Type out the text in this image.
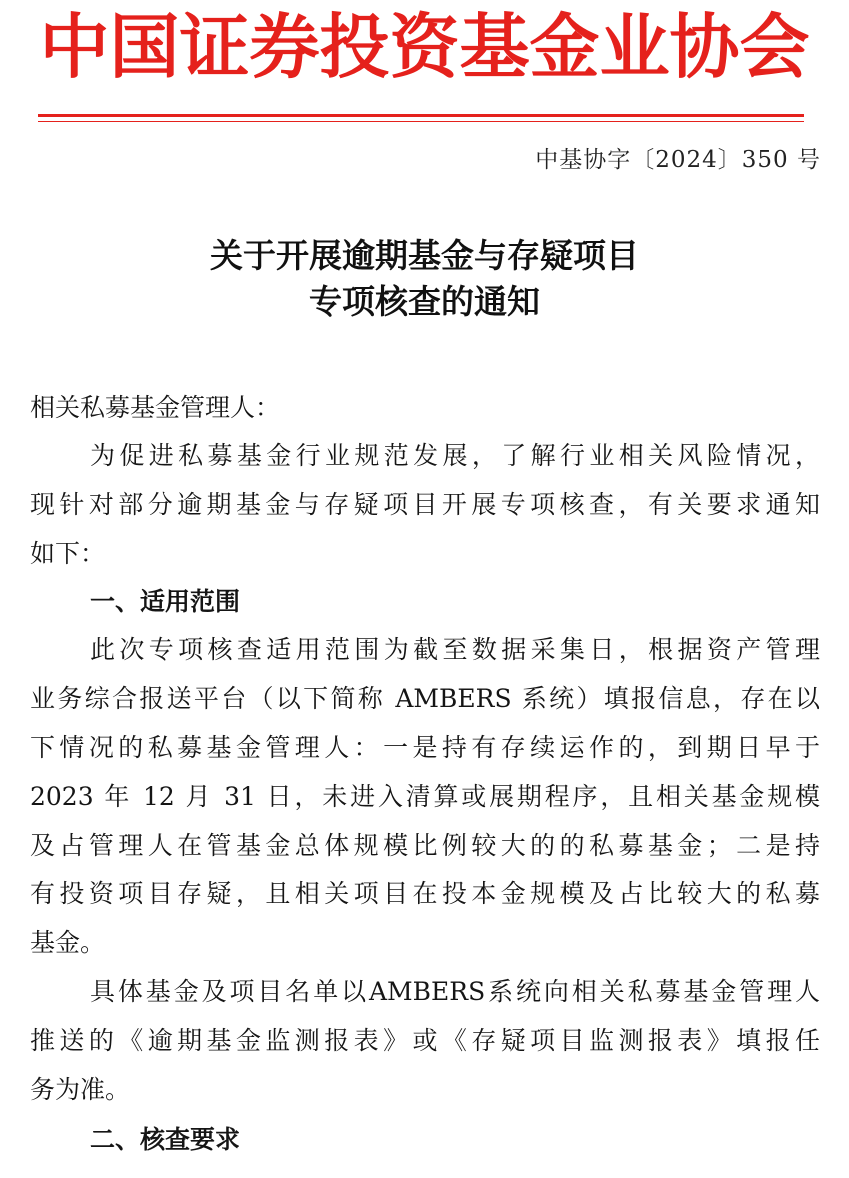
中国证券投资基金业协会
中基协字〔2024〕350 号
关于开展逾期基金与存疑项目
专项核查的通知
相关私募基金管理人：
为促进私募基金行业规范发展，了解行业相关风险情况，
现针对部分逾期基金与存疑项目开展专项核查，有关要求通知
如下：
一、适用范围
此次专项核查适用范围为截至数据采集日，根据资产管理
业务综合报送平台（以下简称 AMBERS 系统）填报信息，存在以
下情况的私募基金管理人：一是持有存续运作的，到期日早于
2023 年 12 月 31 日，未进入清算或展期程序，且相关基金规模
及占管理人在管基金总体规模比例较大的的私募基金；二是持
有投资项目存疑，且相关项目在投本金规模及占比较大的私募
基金。
具体基金及项目名单以AMBERS系统向相关私募基金管理人
推送的《逾期基金监测报表》或《存疑项目监测报表》填报任
务为准。
二、核查要求
